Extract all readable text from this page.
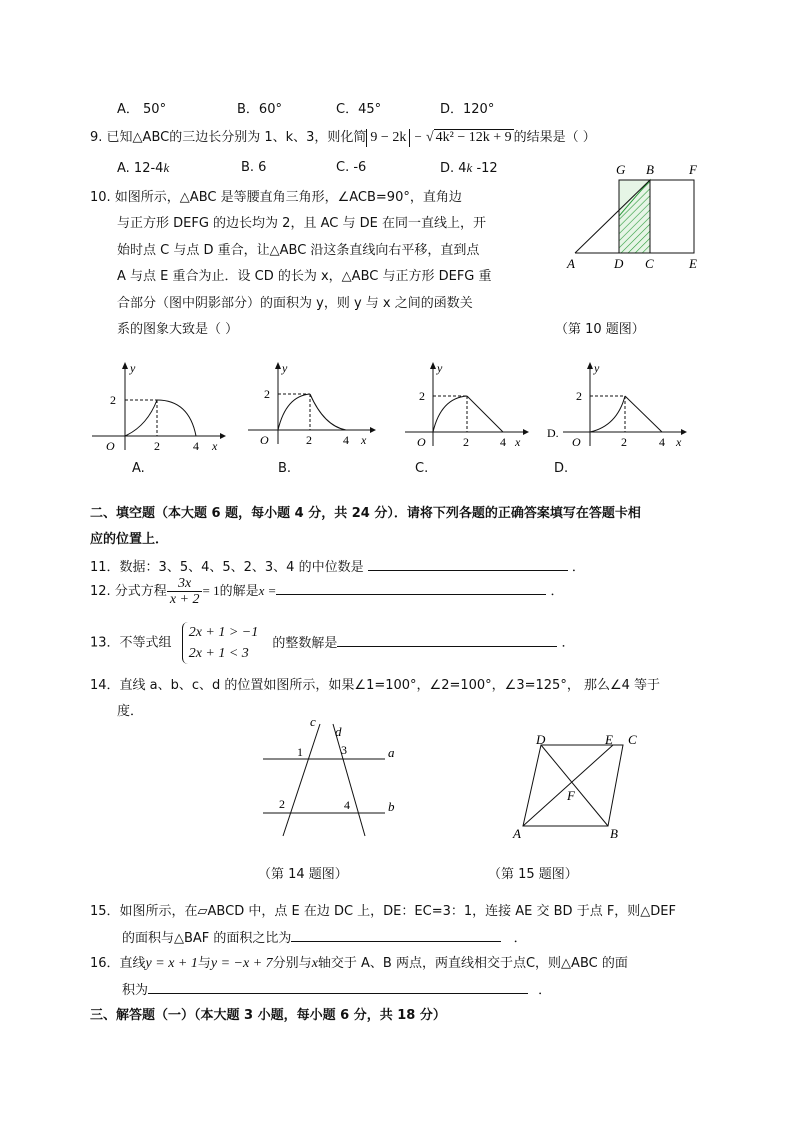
A． 50°	B．60°	C．45°	D．120°
9. 已知△ABC的三边长分别为 1、k、3，则化简 9 − 2k − √ 4k² − 12k + 9 的结果是（ ）
A. 12-4k	B. 6	C. -6	D. 4k -12
10. 如图所示，△ABC 是等腰直角三角形，∠ACB=90°，直角边
与正方形 DEFG 的边长均为 2，且 AC 与 DE 在同一直线上，开
始时点 C 与点 D 重合，让△ABC 沿这条直线向右平移，直到点
A 与点 E 重合为止．设 CD 的长为 x，△ABC 与正方形 DEFG 重
合部分（图中阴影部分）的面积为 y，则 y 与 x 之间的函数关
系的图象大致是（ ）	（第 10 题图）
G B	F
A	D C	E
y
2
O	2	4 x
A.
y
2
O	2	4 x
B.
y
2
O	2	4 x
C.
y
2
D.
O	2	4 x
D.
二、填空题（本大题 6 题，每小题 4 分，共 24 分）．请将下列各题的正确答案填写在答题卡相
应的位置上．
11．数据：3、5、4、5、2、3、4 的中位数是	．
12. 分式方程 $\frac{3x}{x + 2} = 1$的解是x =	．
13．不等式组
2x + 1 > −1
2x + 1 < 3
的整数解是	．
14．直线 a、b、c、d 的位置如图所示，如果∠1=100°，∠2=100°，∠3=125°， 那么∠4 等于
度．
c
d
a
b
1	3
2	4
（第 14 题图）
D	E C
F
A	B
（第 15 题图）
15．如图所示，在▱ABCD 中，点 E 在边 DC 上，DE：EC=3：1，连接 AE 交 BD 于点 F，则△DEF
的面积与△BAF 的面积之比为	．
16．直线y = x + 1与y = −x + 7分别与x轴交于 A、B 两点，两直线相交于点C，则△ABC 的面
积为	．
三、解答题（一）（本大题 3 小题，每小题 6 分，共 18 分）
